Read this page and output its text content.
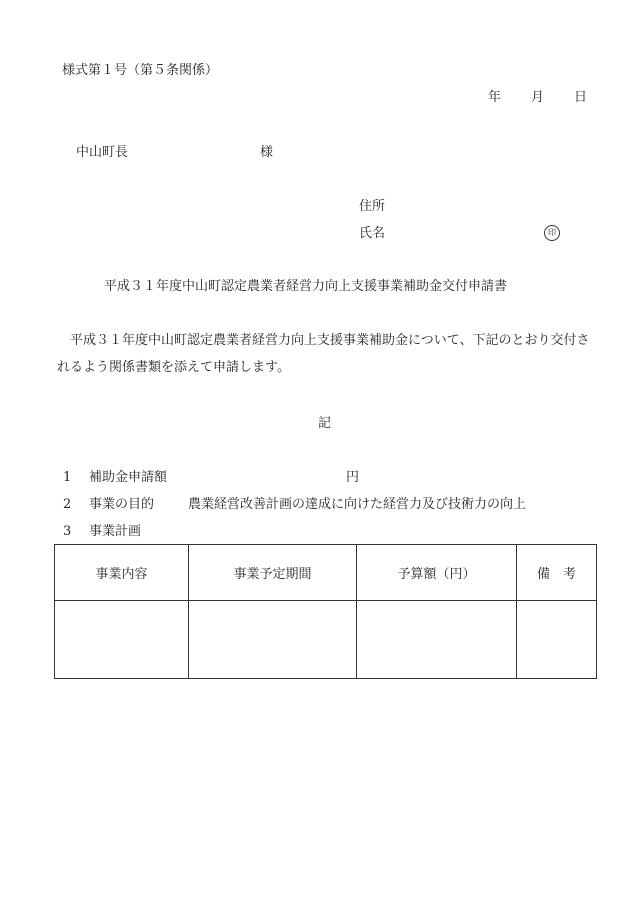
様式第１号（第５条関係）
年 月 日
中山町長	様
住所
氏名	印
平成３１年度中山町認定農業者経営力向上支援事業補助金交付申請書
平成３１年度中山町認定農業者経営力向上支援事業補助金について、下記のとおり交付されるよう関係書類を添えて申請します。
記
1 補助金申請額	円
2 事業の目的	農業経営改善計画の達成に向けた経営力及び技術力の向上
3 事業計画
事業内容	事業予定期間	予算額（円）	備　考
